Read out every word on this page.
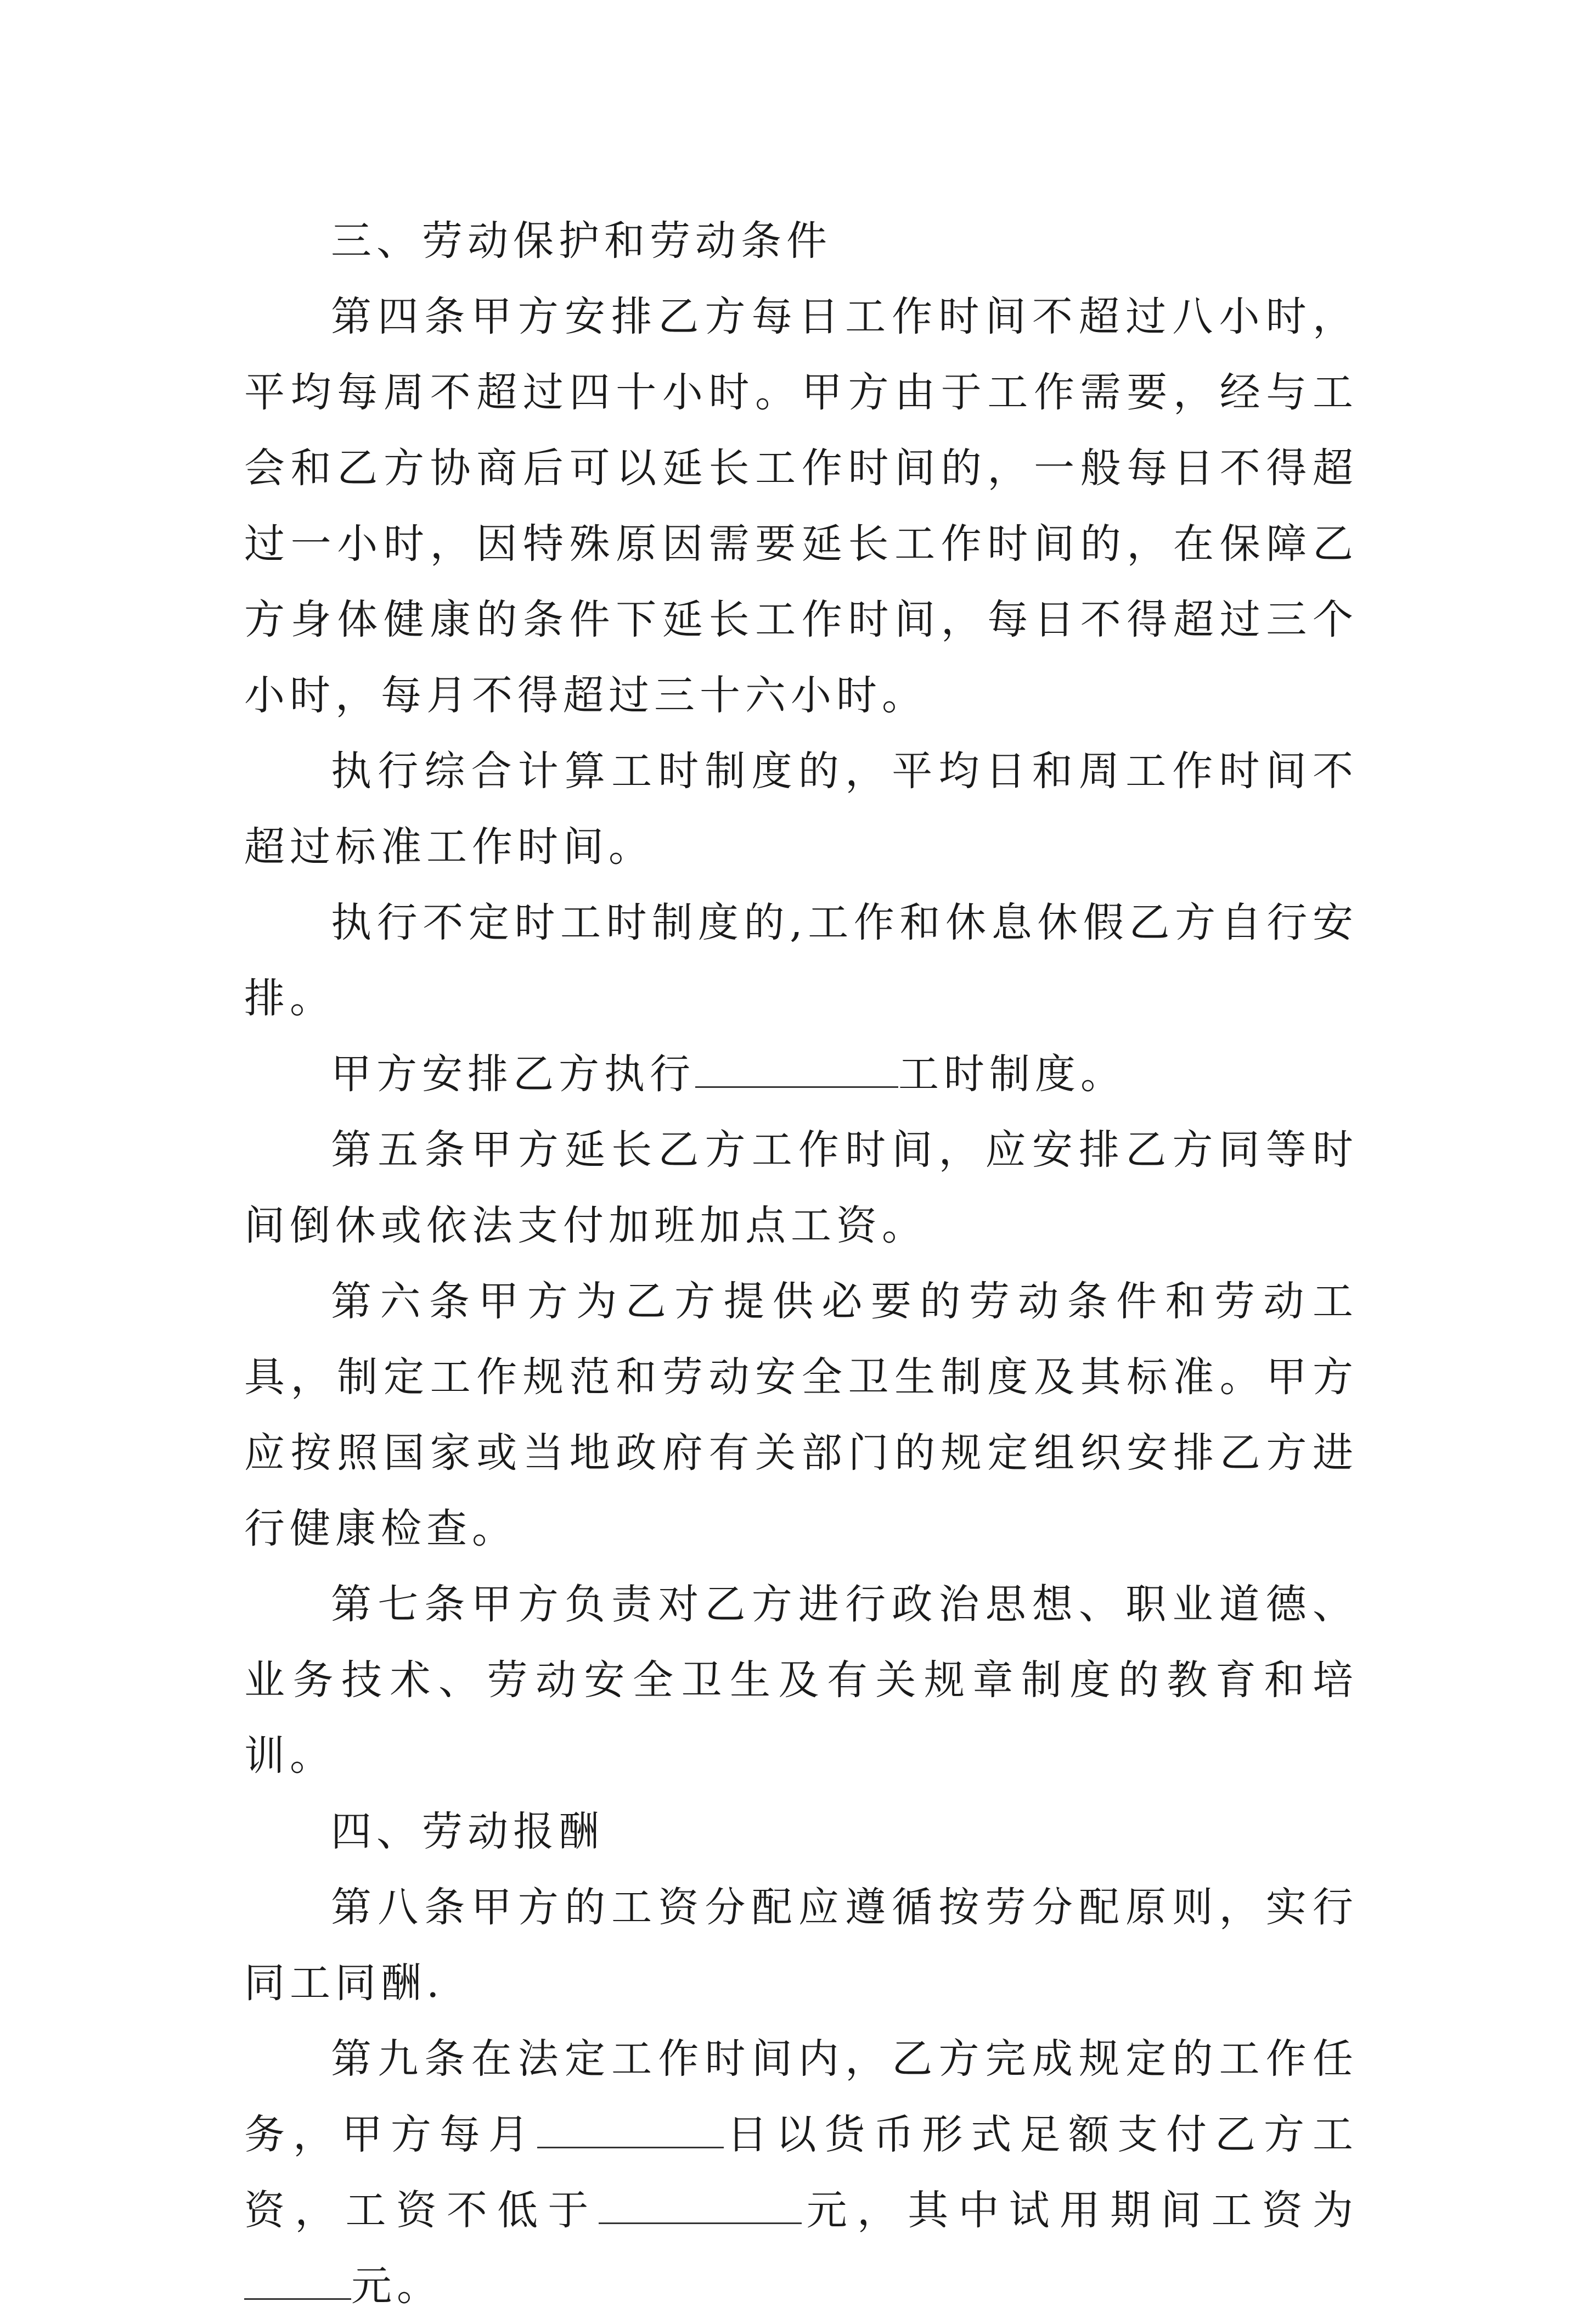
三、劳动保护和劳动条件

第四条甲方安排乙方每日工作时间不超过八小时，平均每周不超过四十小时。甲方由于工作需要，经与工会和乙方协商后可以延长工作时间的，一般每日不得超过一小时，因特殊原因需要延长工作时间的，在保障乙方身体健康的条件下延长工作时间，每日不得超过三个小时，每月不得超过三十六小时。

执行综合计算工时制度的，平均日和周工作时间不超过标准工作时间。

执行不定时工时制度的,工作和休息休假乙方自行安排。

甲方安排乙方执行	工时制度。

第五条甲方延长乙方工作时间，应安排乙方同等时间倒休或依法支付加班加点工资。

第六条甲方为乙方提供必要的劳动条件和劳动工具，制定工作规范和劳动安全卫生制度及其标准。甲方应按照国家或当地政府有关部门的规定组织安排乙方进行健康检查。

第七条甲方负责对乙方进行政治思想、职业道德、业务技术、劳动安全卫生及有关规章制度的教育和培训。

四、劳动报酬

第八条甲方的工资分配应遵循按劳分配原则，实行同工同酬.

第九条在法定工作时间内，乙方完成规定的工作任务，甲方每月	日以货币形式足额支付乙方工资，工资不低于	元，其中试用期间工资为元。
